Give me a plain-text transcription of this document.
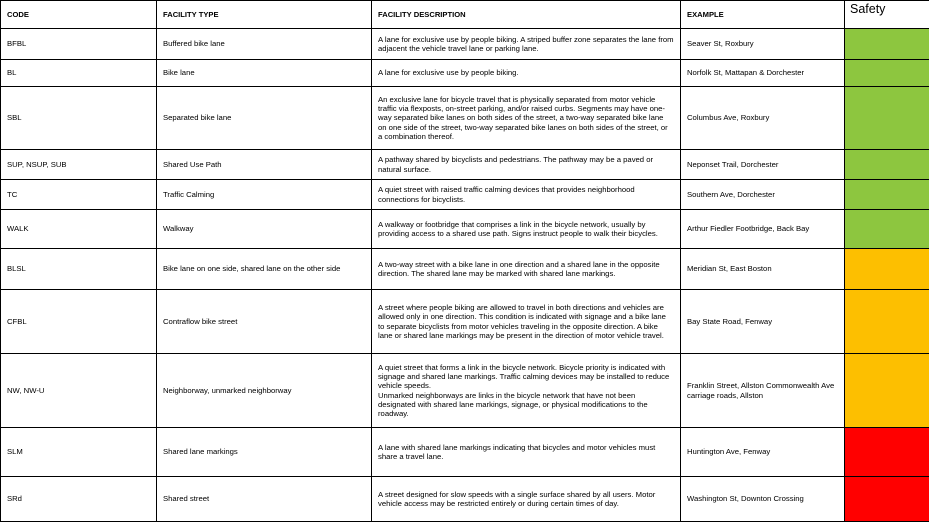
CODE	FACILITY TYPE	FACILITY DESCRIPTION	EXAMPLE	Safety
BFBL	Buffered bike lane	A lane for exclusive use by people biking. A striped buffer zone separates the lane from adjacent the vehicle travel lane or parking lane.	Seaver St, Roxbury	
BL	Bike lane	A lane for exclusive use by people biking.	Norfolk St, Mattapan & Dorchester	
SBL	Separated bike lane	An exclusive lane for bicycle travel that is physically separated from motor vehicle traffic via flexposts, on-street parking, and/or raised curbs. Segments may have one-way separated bike lanes on both sides of the street, a two-way separated bike lane on one side of the street, two-way separated bike lanes on both sides of the street, or a combination thereof.	Columbus Ave, Roxbury	
SUP, NSUP, SUB	Shared Use Path	A pathway shared by bicyclists and pedestrians. The pathway may be a paved or natural surface.	Neponset Trail, Dorchester	
TC	Traffic Calming	A quiet street with raised traffic calming devices that provides neighborhood connections for bicyclists.	Southern Ave, Dorchester	
WALK	Walkway	A walkway or footbridge that comprises a link in the bicycle network, usually by providing access to a shared use path. Signs instruct people to walk their bicycles.	Arthur Fiedler Footbridge, Back Bay	
BLSL	Bike lane on one side, shared lane on the other side	A two-way street with a bike lane in one direction and a shared lane in the opposite direction. The shared lane may be marked with shared lane markings.	Meridian St, East Boston	
CFBL	Contraflow bike street	A street where people biking are allowed to travel in both directions and vehicles are allowed only in one direction. This condition is indicated with signage and a bike lane to separate bicyclists from motor vehicles traveling in the opposite direction. A bike lane or shared lane markings may be present in the direction of motor vehicle travel.	Bay State Road, Fenway	
NW, NW-U	Neighborway, unmarked neighborway	A quiet street that forms a link in the bicycle network. Bicycle priority is indicated with signage and shared lane markings. Traffic calming devices may be installed to reduce vehicle speeds.
Unmarked neighborways are links in the bicycle network that have not been designated with shared lane markings, signage, or physical modifications to the roadway.	Franklin Street, Allston Commonwealth Ave carriage roads, Allston	
SLM	Shared lane markings	A lane with shared lane markings indicating that bicycles and motor vehicles must share a travel lane.	Huntington Ave, Fenway	
SRd	Shared street	A street designed for slow speeds with a single surface shared by all users. Motor vehicle access may be restricted entirely or during certain times of day.	Washington St, Downton Crossing	
